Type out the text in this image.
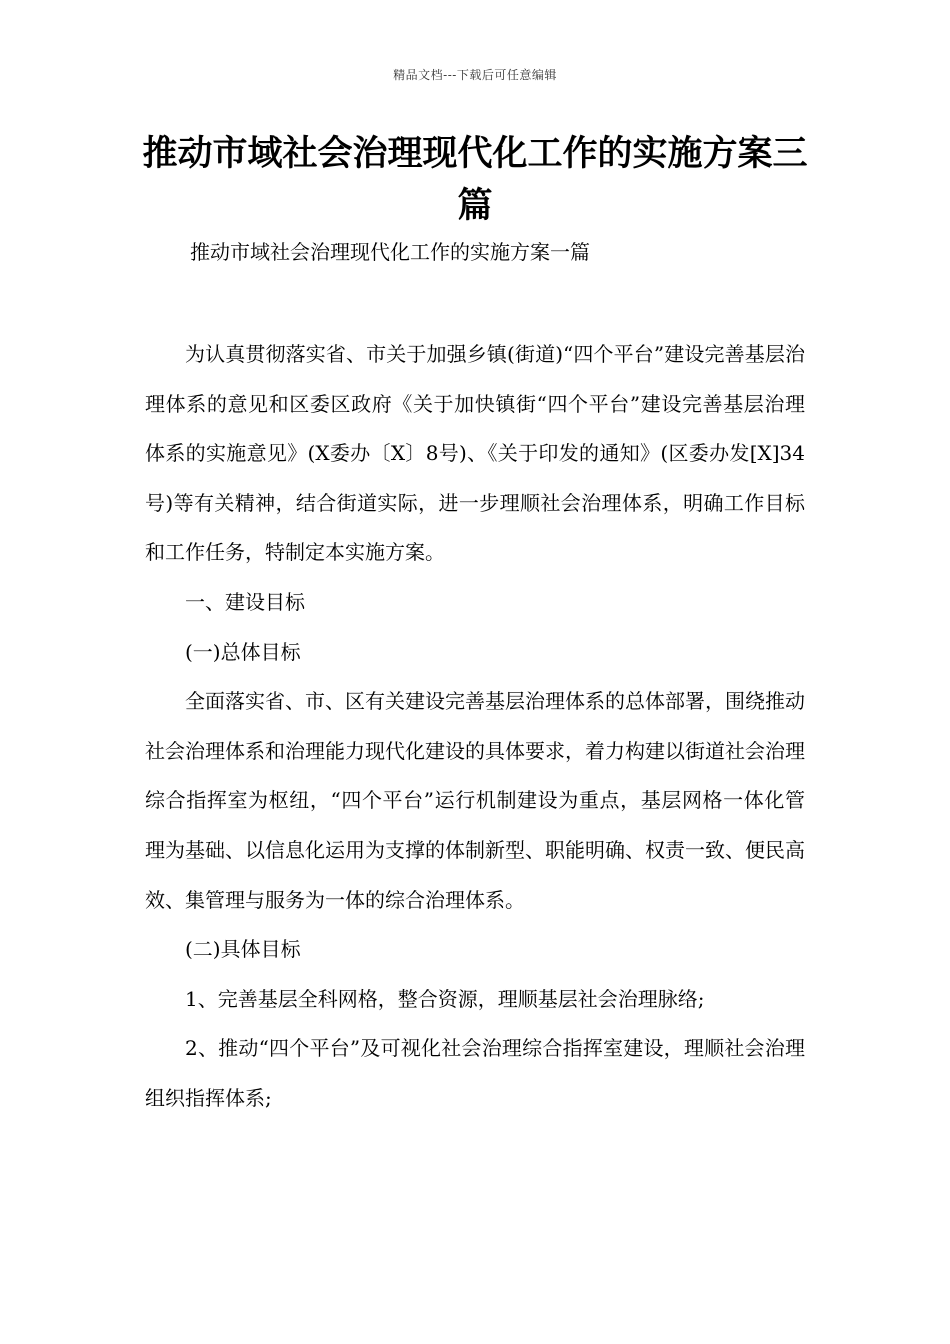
精品文档---下载后可任意编辑
推动市域社会治理现代化工作的实施方案三篇

推动市域社会治理现代化工作的实施方案一篇

为认真贯彻落实省、市关于加强乡镇(街道)“四个平台”建设完善基层治理体系的意见和区委区政府《关于加快镇街“四个平台”建设完善基层治理体系的实施意见》(X委办〔X〕8号)、《关于印发的通知》(区委办发[X]34号)等有关精神，结合街道实际，进一步理顺社会治理体系，明确工作目标和工作任务，特制定本实施方案。

一、建设目标

(一)总体目标

全面落实省、市、区有关建设完善基层治理体系的总体部署，围绕推动社会治理体系和治理能力现代化建设的具体要求，着力构建以街道社会治理综合指挥室为枢纽，“四个平台”运行机制建设为重点，基层网格一体化管理为基础、以信息化运用为支撑的体制新型、职能明确、权责一致、便民高效、集管理与服务为一体的综合治理体系。

(二)具体目标

1、完善基层全科网格，整合资源，理顺基层社会治理脉络;

2、推动“四个平台”及可视化社会治理综合指挥室建设，理顺社会治理组织指挥体系;
